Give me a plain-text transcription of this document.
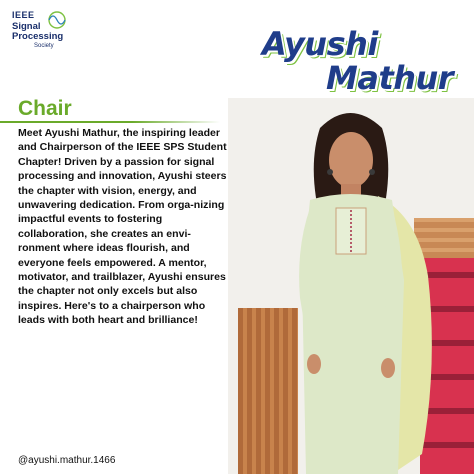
IEEE
Signal
Processing
Society	Ayushi
Mathur
Chair
Meet Ayushi Mathur, the inspiring leader and Chairperson of the IEEE SPS Student Chapter! Driven by a passion for signal processing and innovation, Ayushi steers the chapter with vision, energy, and unwavering dedication. From orga-nizing impactful events to fostering collaboration, she creates an envi-ronment where ideas flourish, and everyone feels empowered. A mentor, motivator, and trailblazer, Ayushi ensures the chapter not only excels but also inspires. Here's to a chairperson who leads with both heart and brilliance!
@ayushi.mathur.1466
